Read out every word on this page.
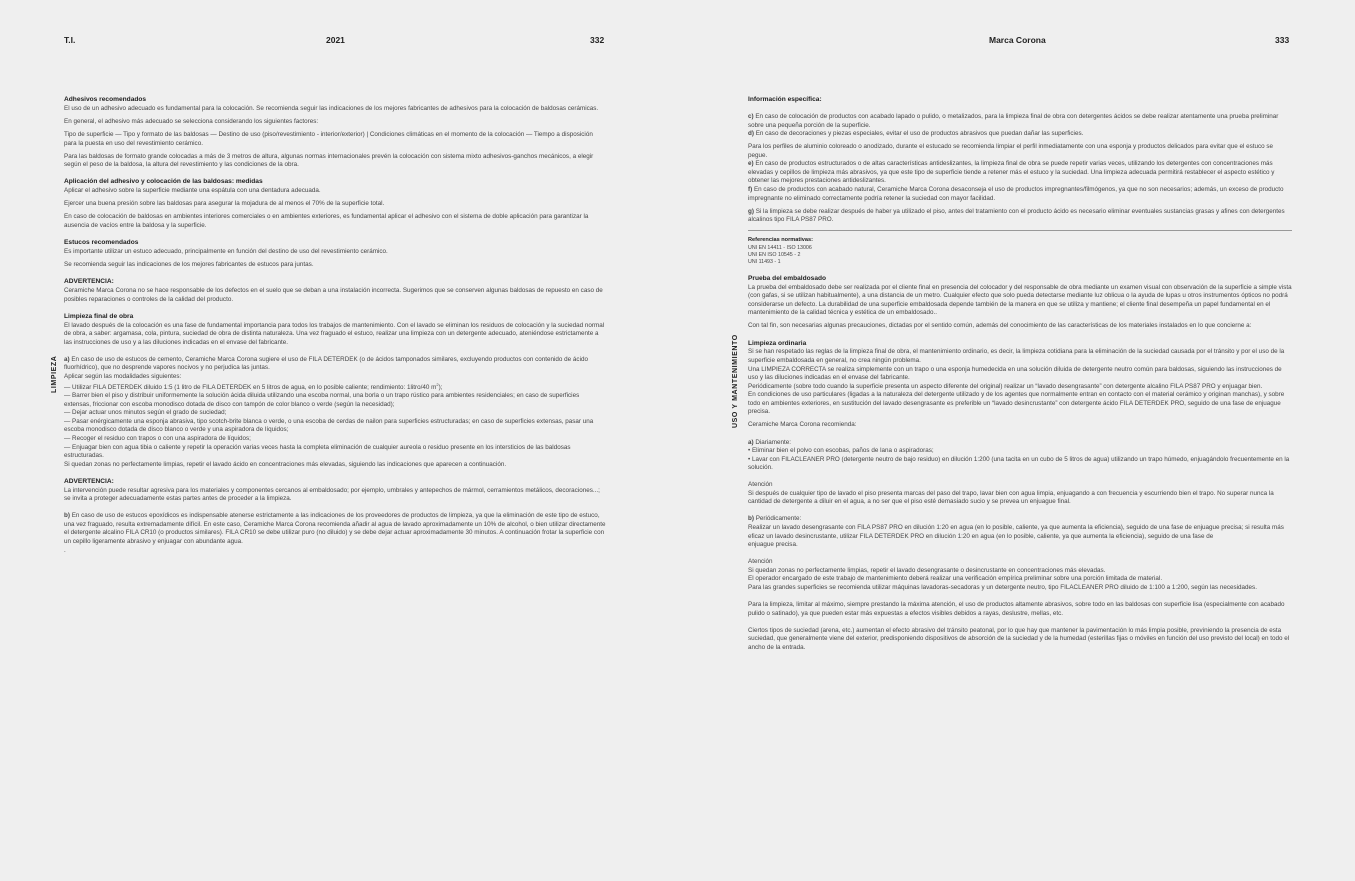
T.I.	2021	332
LIMPIEZA
Adhesivos recomendados

El uso de un adhesivo adecuado es fundamental para la colocación. Se recomienda seguir las indicaciones de los mejores fabricantes de adhesivos para la colocación de baldosas cerámicas.

En general, el adhesivo más adecuado se selecciona considerando los siguientes factores:

Tipo de superficie — Tipo y formato de las baldosas — Destino de uso (piso/revestimiento - interior/exterior) | Condiciones climáticas en el momento de la colocación — Tiempo a disposición para la puesta en uso del revestimiento cerámico.

Para las baldosas de formato grande colocadas a más de 3 metros de altura, algunas normas internacionales prevén la colocación con sistema mixto adhesivos-ganchos mecánicos, a elegir según el peso de la baldosa, la altura del revestimiento y las condiciones de la obra.

Aplicación del adhesivo y colocación de las baldosas: medidas

Aplicar el adhesivo sobre la superficie mediante una espátula con una dentadura adecuada.

Ejercer una buena presión sobre las baldosas para asegurar la mojadura de al menos el 70% de la superficie total.

En caso de colocación de baldosas en ambientes interiores comerciales o en ambientes exteriores, es fundamental aplicar el adhesivo con el sistema de doble aplicación para garantizar la ausencia de vacíos entre la baldosa y la superficie.

Estucos recomendados

Es importante utilizar un estuco adecuado, principalmente en función del destino de uso del revestimiento cerámico.

Se recomienda seguir las indicaciones de los mejores fabricantes de estucos para juntas.

ADVERTENCIA:

Ceramiche Marca Corona no se hace responsable de los defectos en el suelo que se deban a una instalación incorrecta. Sugerimos que se conserven algunas baldosas de repuesto en caso de posibles reparaciones o controles de la calidad del producto.

Limpieza final de obra

El lavado después de la colocación es una fase de fundamental importancia para todos los trabajos de mantenimiento. Con el lavado se eliminan los residuos de colocación y la suciedad normal de obra, a saber: argamasa, cola, pintura, suciedad de obra de distinta naturaleza. Una vez fraguado el estuco, realizar una limpieza con un detergente adecuado, ateniéndose estrictamente a las instrucciones de uso y a las diluciones indicadas en el envase del fabricante.

a) En caso de uso de estucos de cemento, Ceramiche Marca Corona sugiere el uso de FILA DETERDEK (o de ácidos tamponados similares, excluyendo productos con contenido de ácido fluorhídrico), que no desprende vapores nocivos y no perjudica las juntas.

Aplicar según las modalidades siguientes:

— Utilizar FILA DETERDEK diluido 1:5 (1 litro de FILA DETERDEK en 5 litros de agua, en lo posible caliente; rendimiento: 1litro/40 $m^2$);

— Barrer bien el piso y distribuir uniformemente la solución ácida diluida utilizando una escoba normal, una borla o un trapo rústico para ambientes residenciales; en caso de superficies extensas, friccionar con escoba monodisco dotada de disco con tampón de color blanco o verde (según la necesidad);

— Dejar actuar unos minutos según el grado de suciedad;

— Pasar enérgicamente una esponja abrasiva, tipo scotch-brite blanca o verde, o una escoba de cerdas de nailon para superficies estructuradas; en caso de superficies extensas, pasar una escoba monodisco dotada de disco blanco o verde y una aspiradora de líquidos;

— Recoger el residuo con trapos o con una aspiradora de líquidos;

— Enjuagar bien con agua tibia o caliente y repetir la operación varias veces hasta la completa eliminación de cualquier aureola o residuo presente en los intersticios de las baldosas estructuradas.

Si quedan zonas no perfectamente limpias, repetir el lavado ácido en concentraciones más elevadas, siguiendo las indicaciones que aparecen a continuación.

ADVERTENCIA:

La intervención puede resultar agresiva para los materiales y componentes cercanos al embaldosado; por ejemplo, umbrales y antepechos de mármol, cerramientos metálicos, decoraciones...; se invita a proteger adecuadamente estas partes antes de proceder a la limpieza.

b) En caso de uso de estucos epoxídicos es indispensable atenerse estrictamente a las indicaciones de los proveedores de productos de limpieza, ya que la eliminación de este tipo de estuco, una vez fraguado, resulta extremadamente difícil. En este caso, Ceramiche Marca Corona recomienda añadir al agua de lavado aproximadamente un 10% de alcohol, o bien utilizar directamente el detergente alcalino FILA CR10 (o productos similares). FILA CR10 se debe utilizar puro (no diluido) y se debe dejar actuar aproximadamente 30 minutos. A continuación frotar la superficie con un cepillo ligeramente abrasivo y enjuagar con abundante agua.

.

Marca Corona	333
USO Y MANTENIMIENTO
Información específica:

c) En caso de colocación de productos con acabado lapado o pulido, o metalizados, para la limpieza final de obra con detergentes ácidos se debe realizar atentamente una prueba preliminar sobre una pequeña porción de la superficie.

d) En caso de decoraciones y piezas especiales, evitar el uso de productos abrasivos que puedan dañar las superficies.

Para los perfiles de aluminio coloreado o anodizado, durante el estucado se recomienda limpiar el perfil inmediatamente con una esponja y productos delicados para evitar que el estuco se pegue.

e) En caso de productos estructurados o de altas características antideslizantes, la limpieza final de obra se puede repetir varias veces, utilizando los detergentes con concentraciones más elevadas y cepillos de limpieza más abrasivos, ya que este tipo de superficie tiende a retener más el estuco y la suciedad. Una limpieza adecuada permitirá restablecer el aspecto estético y obtener las mejores prestaciones antideslizantes.

f) En caso de productos con acabado natural, Ceramiche Marca Corona desaconseja el uso de productos impregnantes/filmógenos, ya que no son necesarios; además, un exceso de producto impregnante no eliminado correctamente podría retener la suciedad con mayor facilidad.

g) Si la limpieza se debe realizar después de haber ya utilizado el piso, antes del tratamiento con el producto ácido es necesario eliminar eventuales sustancias grasas y afines con detergentes alcalinos tipo FILA PS87 PRO.

Referencias normativas:
UNI EN 14411 - ISO 13006
UNI EN ISO 10545 - 2
UNI 11493 - 1
Prueba del embaldosado

La prueba del embaldosado debe ser realizada por el cliente final en presencia del colocador y del responsable de obra mediante un examen visual con observación de la superficie a simple vista (con gafas, si se utilizan habitualmente), a una distancia de un metro. Cualquier efecto que solo pueda detectarse mediante luz oblicua o la ayuda de lupas u otros instrumentos ópticos no podrá considerarse un defecto. La durabilidad de una superficie embaldosada depende también de la manera en que se utiliza y mantiene; el cliente final desempeña un papel fundamental en el mantenimiento de la calidad técnica y estética de un embaldosado..

Con tal fin, son necesarias algunas precauciones, dictadas por el sentido común, además del conocimiento de las características de los materiales instalados en lo que concierne a:

Limpieza ordinaria

Si se han respetado las reglas de la limpieza final de obra, el mantenimiento ordinario, es decir, la limpieza cotidiana para la eliminación de la suciedad causada por el tránsito y por el uso de la superficie embaldosada en general, no crea ningún problema.
Una LIMPIEZA CORRECTA se realiza simplemente con un trapo o una esponja humedecida en una solución diluida de detergente neutro común para baldosas, siguiendo las instrucciones de uso y las diluciones indicadas en el envase del fabricante.
Periódicamente (sobre todo cuando la superficie presenta un aspecto diferente del original) realizar un “lavado desengrasante” con detergente alcalino FILA PS87 PRO y enjuagar bien.
En condiciones de uso particulares (ligadas a la naturaleza del detergente utilizado y de los agentes que normalmente entran en contacto con el material cerámico y originan manchas), y sobre todo en ambientes exteriores, en sustitución del lavado desengrasante es preferible un “lavado desincrustante” con detergente ácido FILA DETERDEK PRO, seguido de una fase de enjuague precisa.

Ceramiche Marca Corona recomienda:

a) Diariamente:

• Eliminar bien el polvo con escobas, paños de lana o aspiradoras;

• Lavar con FILACLEANER PRO (detergente neutro de bajo residuo) en dilución 1:200 (una tacita en un cubo de 5 litros de agua) utilizando un trapo húmedo, enjuagándolo frecuentemente en la solución.

Atención

Si después de cualquier tipo de lavado el piso presenta marcas del paso del trapo, lavar bien con agua limpia, enjuagando a con frecuencia y escurriendo bien el trapo. No superar nunca la cantidad de detergente a diluir en el agua, a no ser que el piso esté demasiado sucio y se prevea un enjuague final.

b) Periódicamente:

Realizar un lavado desengrasante con FILA PS87 PRO en dilución 1:20 en agua (en lo posible, caliente, ya que aumenta la eficiencia), seguido de una fase de enjuague precisa; si resulta más eficaz un lavado desincrustante, utilizar FILA DETERDEK PRO en dilución 1:20 en agua (en lo posible, caliente, ya que aumenta la eficiencia), seguido de una fase de
enjuague precisa.

Atención

Si quedan zonas no perfectamente limpias, repetir el lavado desengrasante o desincrustante en concentraciones más elevadas.
El operador encargado de este trabajo de mantenimiento deberá realizar una verificación empírica preliminar sobre una porción limitada de material.
Para las grandes superficies se recomienda utilizar máquinas lavadoras-secadoras y un detergente neutro, tipo FILACLEANER PRO diluido de 1:100 a 1:200, según las necesidades.

Para la limpieza, limitar al máximo, siempre prestando la máxima atención, el uso de productos altamente abrasivos, sobre todo en las baldosas con superficie lisa (especialmente con acabado pulido o satinado), ya que pueden estar más expuestas a efectos visibles debidos a rayas, deslustre, mellas, etc.

Ciertos tipos de suciedad (arena, etc.) aumentan el efecto abrasivo del tránsito peatonal, por lo que hay que mantener la pavimentación lo más limpia posible, previniendo la presencia de esta suciedad, que generalmente viene del exterior, predisponiendo dispositivos de absorción de la suciedad y de la humedad (esterillas fijas o móviles en función del uso previsto del local) en todo el ancho de la entrada.
